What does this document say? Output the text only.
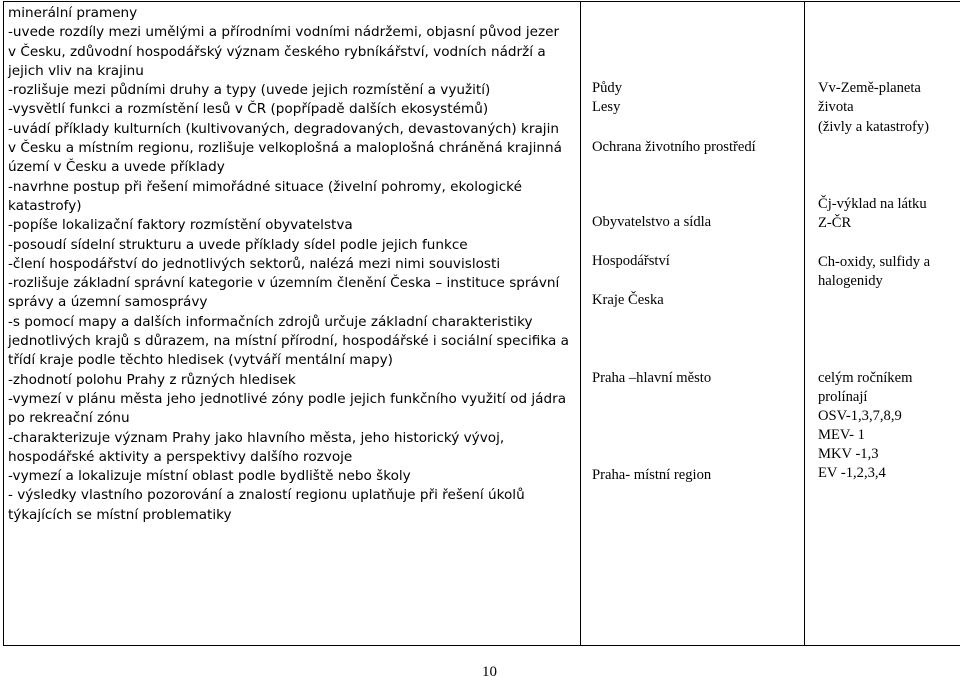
minerální prameny
-uvede rozdíly mezi umělými a přírodními vodními nádržemi, objasní původ jezer
v Česku, zdůvodní hospodářský význam českého rybníkářství, vodních nádrží a
jejich vliv na krajinu
-rozlišuje mezi půdními druhy a typy (uvede jejich rozmístění a využití)
-vysvětlí funkci a rozmístění lesů v ČR (popřípadě dalších ekosystémů)
-uvádí příklady kulturních (kultivovaných, degradovaných, devastovaných) krajin
v Česku a místním regionu, rozlišuje velkoplošná a maloplošná chráněná krajinná
území v Česku a uvede příklady
-navrhne postup při řešení mimořádné situace (živelní pohromy, ekologické
katastrofy)
-popíše lokalizační faktory rozmístění obyvatelstva
-posoudí sídelní strukturu a uvede příklady sídel podle jejich funkce
-člení hospodářství do jednotlivých sektorů, nalézá mezi nimi souvislosti
-rozlišuje základní správní kategorie v územním členění Česka – instituce správní
správy a územní samosprávy
-s pomocí mapy a dalších informačních zdrojů určuje základní charakteristiky
jednotlivých krajů s důrazem, na místní přírodní, hospodářské i sociální specifika a
třídí kraje podle těchto hledisek (vytváří mentální mapy)
-zhodnotí polohu Prahy z různých hledisek
-vymezí v plánu města jeho jednotlivé zóny podle jejich funkčního využití od jádra
po rekreační zónu
-charakterizuje význam Prahy jako hlavního města, jeho historický vývoj,
hospodářské aktivity a perspektivy dalšího rozvoje
-vymezí a lokalizuje místní oblast podle bydliště nebo školy
- výsledky vlastního pozorování a znalostí regionu uplatňuje při řešení úkolů
týkajících se místní problematiky

Půdy
Lesy
Ochrana životního prostředí
Obyvatelstvo a sídla
Hospodářství
Kraje Česka
Praha –hlavní město
Praha- místní region

Vv-Země-planeta
života
(živly a katastrofy)
Čj-výklad na látku
Z-ČR
Ch-oxidy, sulfidy a
halogenidy
celým ročníkem
prolínají
OSV-1,3,7,8,9
MEV- 1
MKV -1,3
EV -1,2,3,4
10
